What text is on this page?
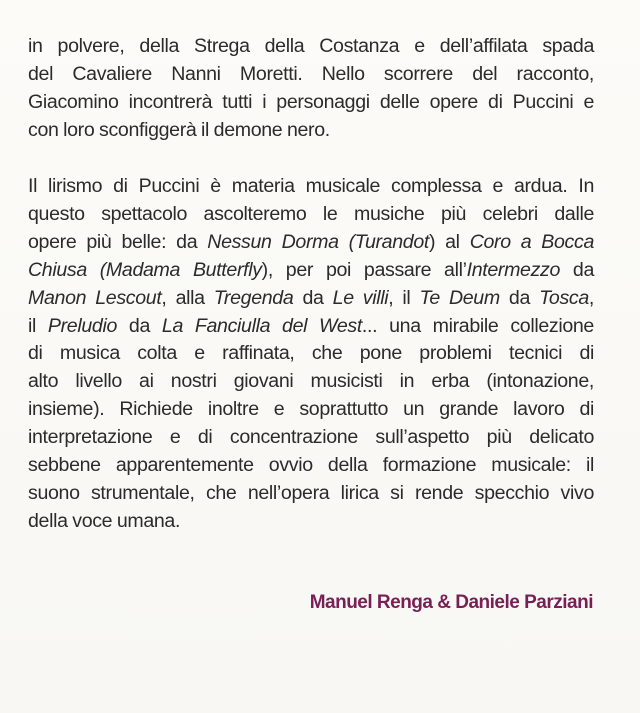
in polvere, della Strega della Costanza e dell’affilata spada
del Cavaliere Nanni Moretti. Nello scorrere del racconto,
Giacomino incontrerà tutti i personaggi delle opere di Puccini e
con loro sconfiggerà il demone nero.
Il lirismo di Puccini è materia musicale complessa e ardua. In
questo spettacolo ascolteremo le musiche più celebri dalle
opere più belle: da Nessun Dorma (Turandot) al Coro a Bocca
Chiusa (Madama Butterfly), per poi passare all’Intermezzo da
Manon Lescout, alla Tregenda da Le villi, il Te Deum da Tosca,
il Preludio da La Fanciulla del West... una mirabile collezione
di musica colta e raffinata, che pone problemi tecnici di
alto livello ai nostri giovani musicisti in erba (intonazione,
insieme). Richiede inoltre e soprattutto un grande lavoro di
interpretazione e di concentrazione sull’aspetto più delicato
sebbene apparentemente ovvio della formazione musicale: il
suono strumentale, che nell’opera lirica si rende specchio vivo
della voce umana.
Manuel Renga & Daniele Parziani
